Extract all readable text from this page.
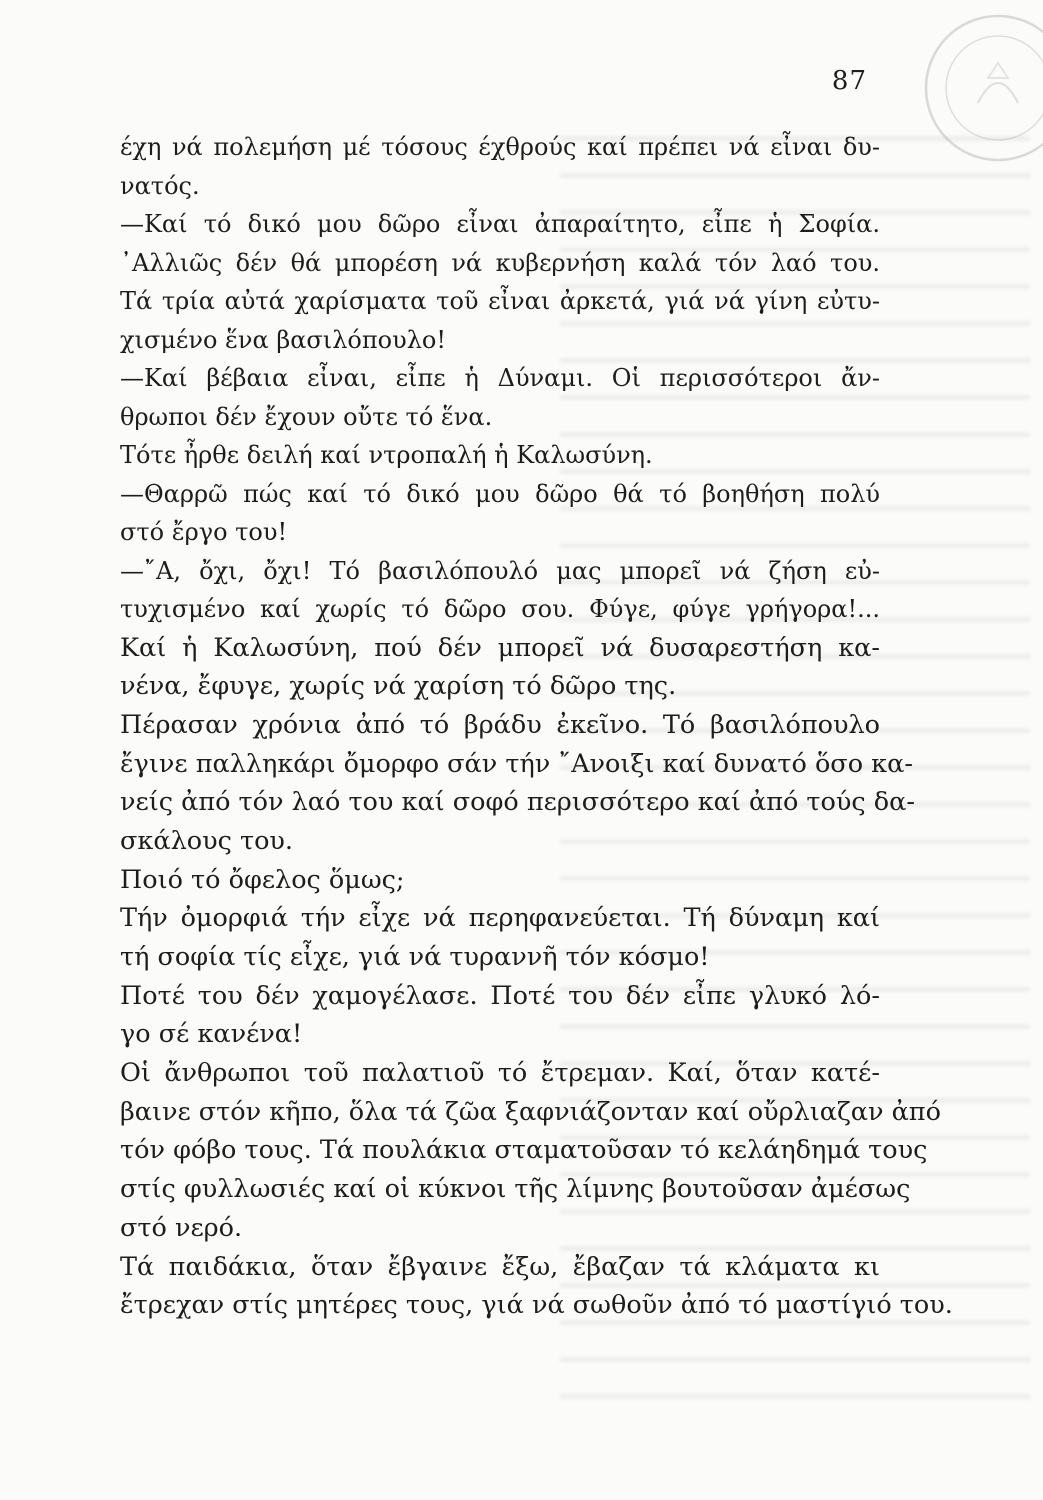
87
έχη νά πολεμήση μέ τόσους έχθρούς καί πρέπει νά εἶναι δυ-
νατός.
—Καί τό δικό μου δῶρο εἶναι ἀπαραίτητο, εἶπε ἡ Σοφία.
᾿Αλλιῶς δέν θά μπορέση νά κυβερνήση καλά τόν λαό του.
Τά τρία αὐτά χαρίσματα τοῦ εἶναι ἀρκετά, γιά νά γίνη εὐτυ-
χισμένο ἕνα βασιλόπουλο!
—Καί βέβαια εἶναι, εἶπε ἡ Δύναμι. Οἱ περισσότεροι ἄν-
θρωποι δέν ἔχουν οὔτε τό ἕνα.
Τότε ἦρθε δειλή καί ντροπαλή ἡ Καλωσύνη.
—Θαρρῶ πώς καί τό δικό μου δῶρο θά τό βοηθήση πολύ
στό ἔργο του!
—῎Α, ὄχι, ὄχι! Τό βασιλόπουλό μας μπορεῖ νά ζήση εὐ-
τυχισμένο καί χωρίς τό δῶρο σου. Φύγε, φύγε γρήγορα!...
Καί ἡ Καλωσύνη, πού δέν μπορεῖ νά δυσαρεστήση κα-
νένα, ἔφυγε, χωρίς νά χαρίση τό δῶρο της.
Πέρασαν χρόνια ἀπό τό βράδυ ἐκεῖνο. Τό βασιλόπουλο
ἔγινε παλληκάρι ὄμορφο σάν τήν ῎Ανοιξι καί δυνατό ὅσο κα-
νείς ἀπό τόν λαό του καί σοφό περισσότερο καί ἀπό τούς δα-
σκάλους του.
Ποιό τό ὄφελος ὅμως;
Τήν ὀμορφιά τήν εἶχε νά περηφανεύεται. Τή δύναμη καί
τή σοφία τίς εἶχε, γιά νά τυραννῆ τόν κόσμο!
Ποτέ του δέν χαμογέλασε. Ποτέ του δέν εἶπε γλυκό λό-
γο σέ κανένα!
Οἱ ἄνθρωποι τοῦ παλατιοῦ τό ἔτρεμαν. Καί, ὅταν κατέ-
βαινε στόν κῆπο, ὅλα τά ζῶα ξαφνιάζονταν καί οὔρλιαζαν ἀπό
τόν φόβο τους. Τά πουλάκια σταματοῦσαν τό κελάηδημά τους
στίς φυλλωσιές καί οἱ κύκνοι τῆς λίμνης βουτοῦσαν ἀμέσως
στό νερό.
Τά παιδάκια, ὅταν ἔβγαινε ἔξω, ἔβαζαν τά κλάματα κι
ἔτρεχαν στίς μητέρες τους, γιά νά σωθοῦν ἀπό τό μαστίγιό του.
